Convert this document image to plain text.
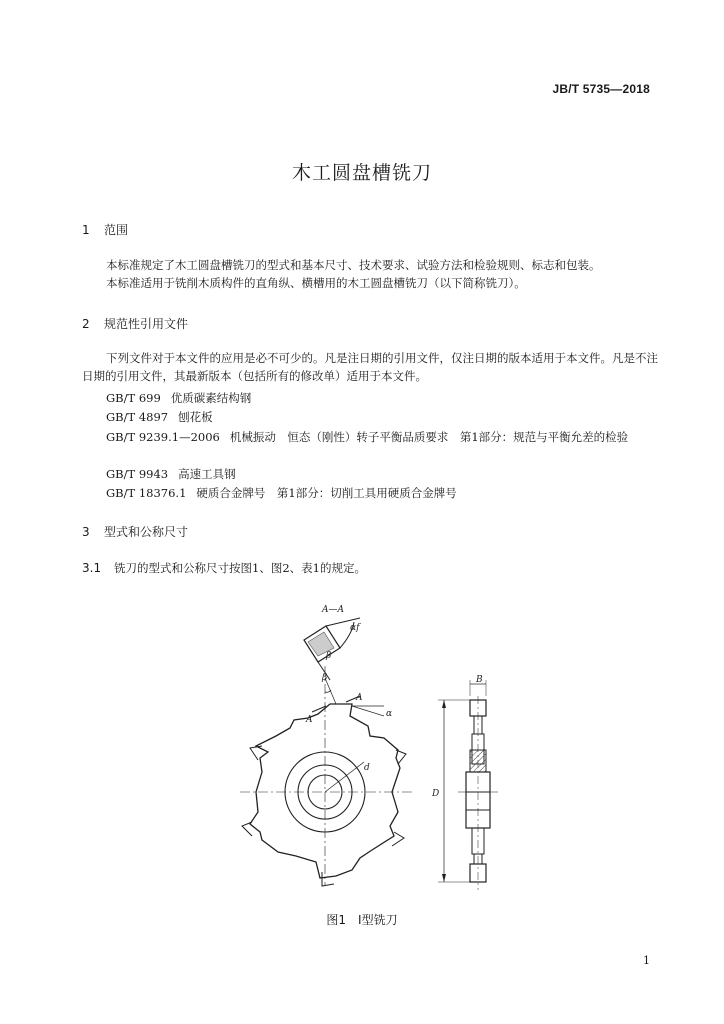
JB/T 5735—2018
木工圆盘槽铣刀
1 范围

本标准规定了木工圆盘槽铣刀的型式和基本尺寸、技术要求、试验方法和检验规则、标志和包装。

本标准适用于铣削木质构件的直角纵、横槽用的木工圆盘槽铣刀（以下简称铣刀）。

2 规范性引用文件

下列文件对于本文件的应用是必不可少的。凡是注日期的引用文件，仅注日期的版本适用于本文件。凡是不注日期的引用文件，其最新版本（包括所有的修改单）适用于本文件。

GB/T 699 优质碳素结构钢
GB/T 4897 刨花板

GB/T 9239.1—2006 机械振动　恒态（刚性）转子平衡品质要求　第1部分：规范与平衡允差的检验

GB/T 9943 高速工具钢
GB/T 18376.1 硬质合金牌号　第1部分：切削工具用硬质合金牌号
3 型式和公称尺寸
3.1 铣刀的型式和公称尺寸按图1、图2、表1的规定。
A—A
αf
β
β
A
A
α
d
B
D
图1 I型铣刀
1
